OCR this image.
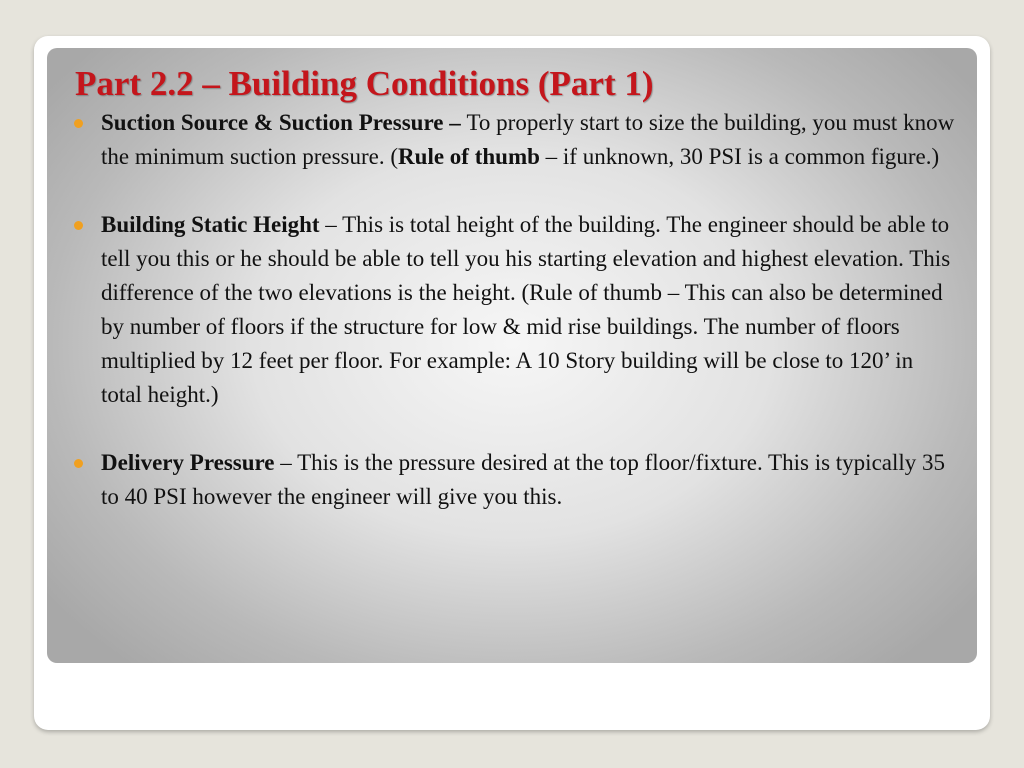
Part 2.2 – Building Conditions (Part 1)
Suction Source & Suction Pressure – To properly start to size the building, you must know the minimum suction pressure. (Rule of thumb – if unknown, 30 PSI is a common figure.)
Building Static Height – This is total height of the building. The engineer should be able to tell you this or he should be able to tell you his starting elevation and highest elevation. This difference of the two elevations is the height. (Rule of thumb – This can also be determined by number of floors if the structure for low & mid rise buildings. The number of floors multiplied by 12 feet per floor. For example: A 10 Story building will be close to 120’ in total height.)
Delivery Pressure – This is the pressure desired at the top floor/fixture. This is typically 35 to 40 PSI however the engineer will give you this.
